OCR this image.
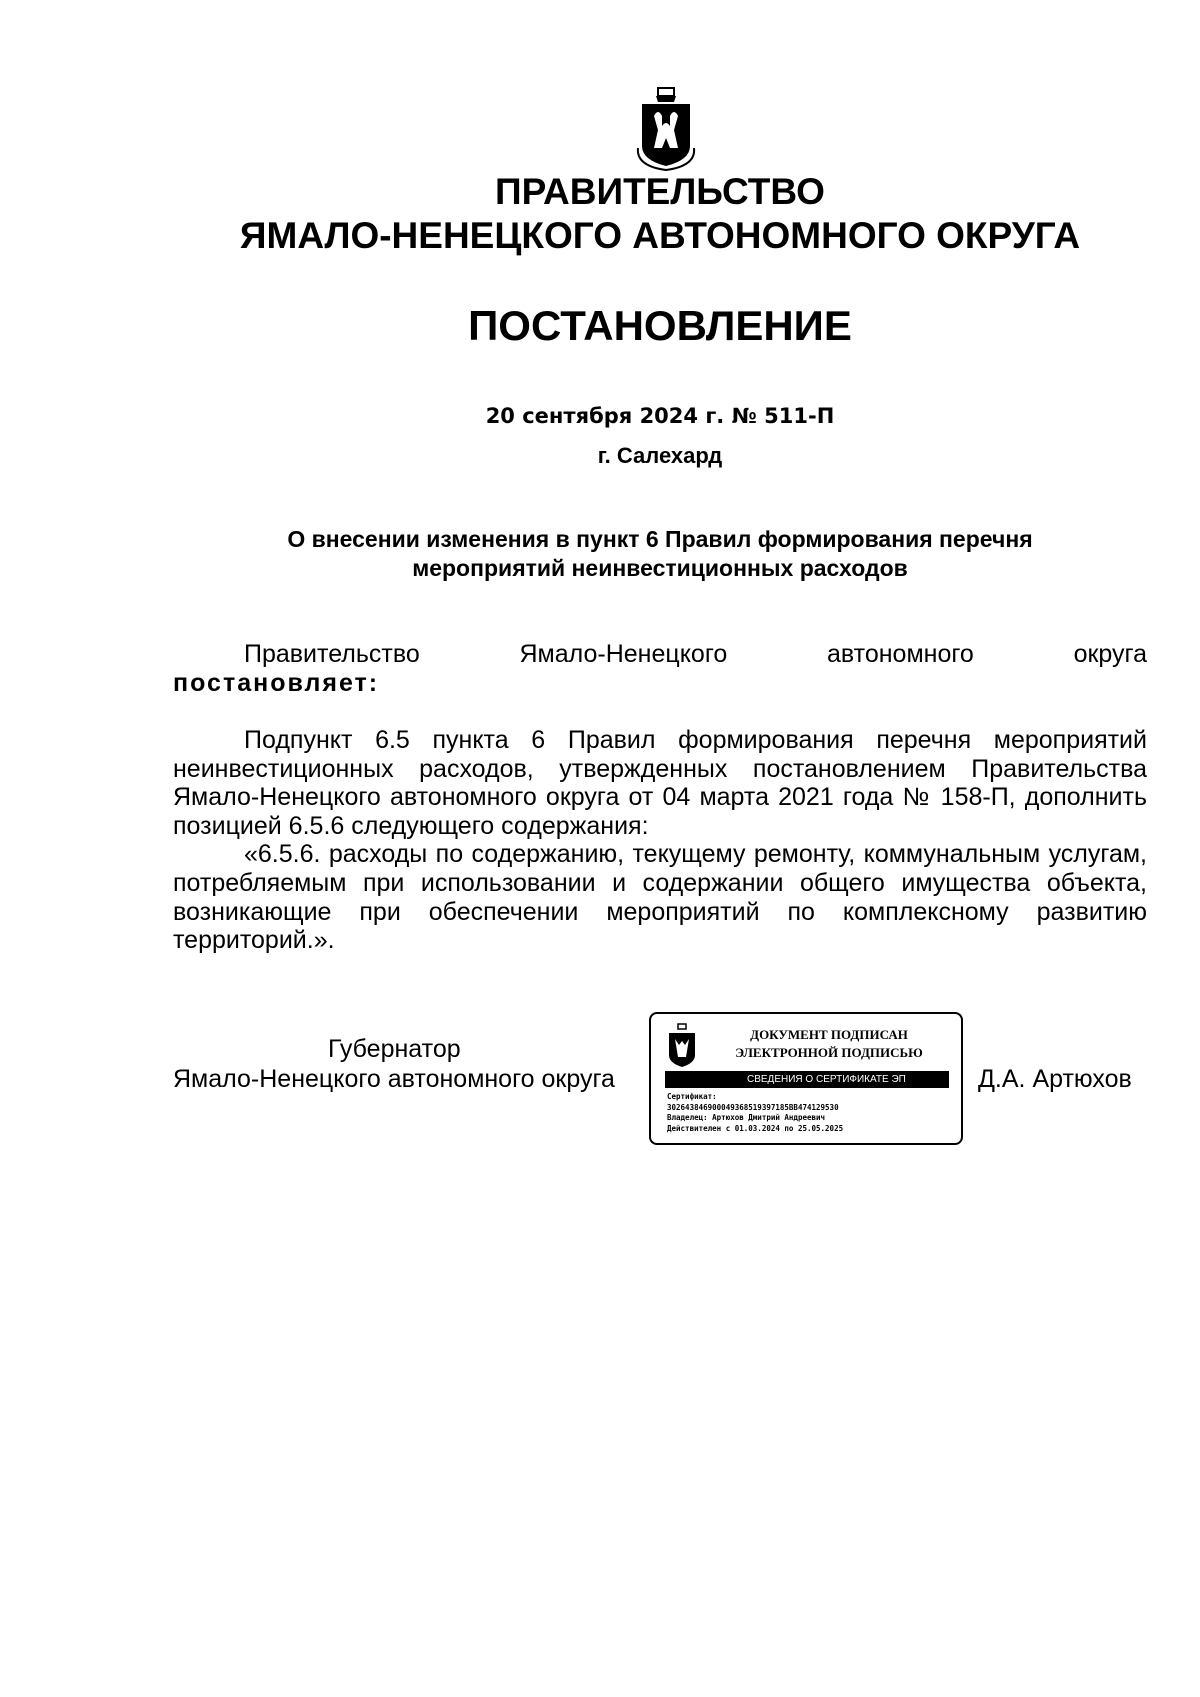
ПРАВИТЕЛЬСТВО
ЯМАЛО-НЕНЕЦКОГО АВТОНОМНОГО ОКРУГА
ПОСТАНОВЛЕНИЕ
20 сентября 2024 г. № 511-П
г. Салехард
О внесении изменения в пункт 6 Правил формирования перечня
мероприятий неинвестиционных расходов
Правительство	Ямало-Ненецкого	автономного	округа
постановляет:

Подпункт 6.5 пункта 6 Правил формирования перечня мероприятий неинвестиционных расходов, утвержденных постановлением Правительства Ямало-Ненецкого автономного округа от 04 марта 2021 года № 158-П, дополнить позицией 6.5.6 следующего содержания:

«6.5.6. расходы по содержанию, текущему ремонту, коммунальным услугам, потребляемым при использовании и содержании общего имущества объекта, возникающие при обеспечении мероприятий по комплексному развитию территорий.».

Губернатор
Ямало-Ненецкого автономного округа
ДОКУМЕНТ ПОДПИСАН
ЭЛЕКТРОННОЙ ПОДПИСЬЮ
СВЕДЕНИЯ О СЕРТИФИКАТЕ ЭП
Сертификат:
302643846900049368519397185BB474129530
Владелец: Артюхов Дмитрий Андреевич
Действителен с 01.03.2024 по 25.05.2025
Д.А. Артюхов
